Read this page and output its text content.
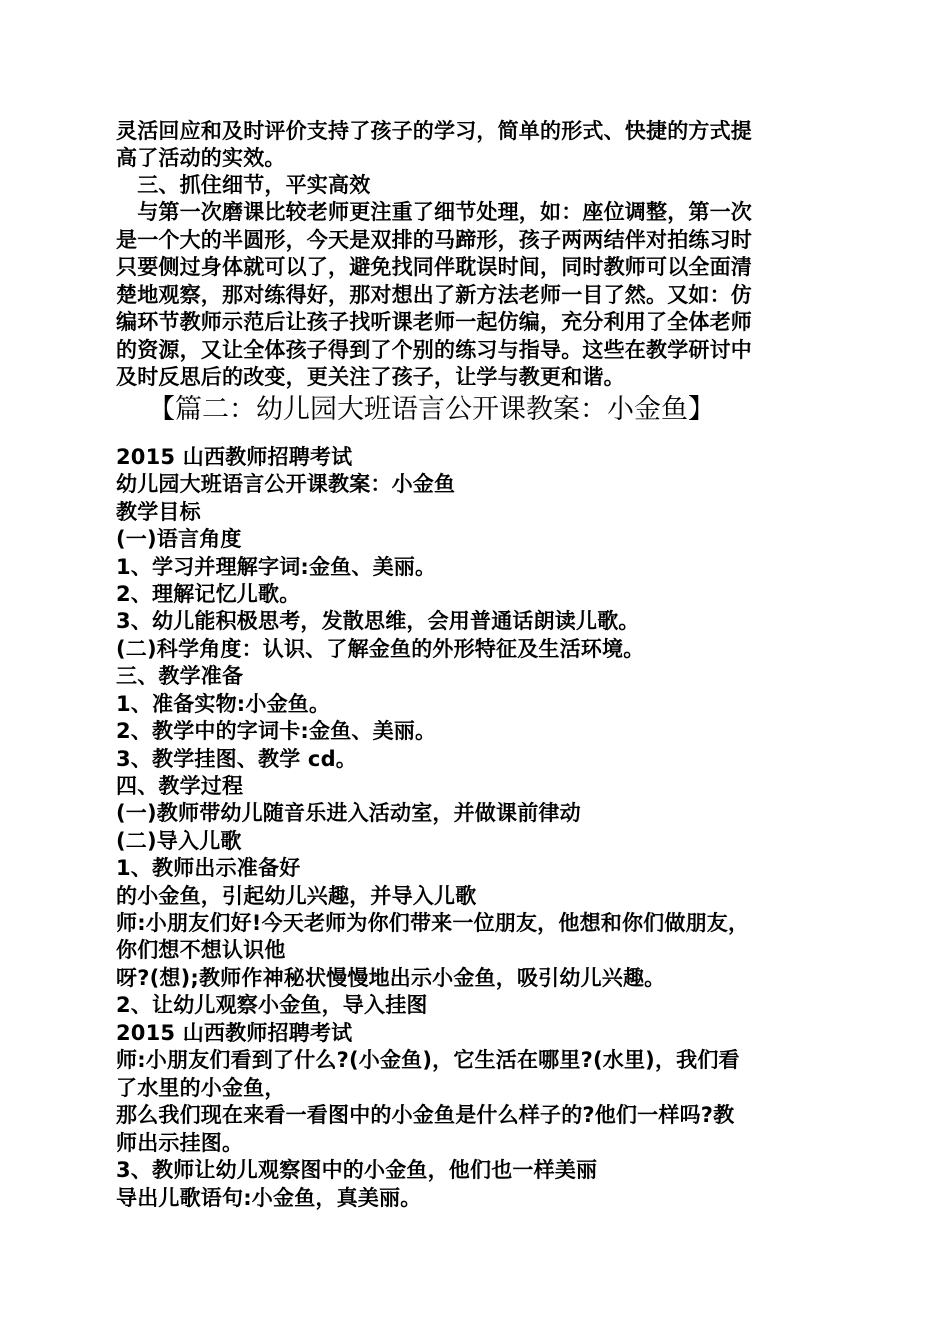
灵活回应和及时评价支持了孩子的学习，简单的形式、快捷的方式提
高了活动的实效。
　三、抓住细节，平实高效
　与第一次磨课比较老师更注重了细节处理，如：座位调整，第一次
是一个大的半圆形，今天是双排的马蹄形，孩子两两结伴对拍练习时
只要侧过身体就可以了，避免找同伴耽误时间，同时教师可以全面清
楚地观察，那对练得好，那对想出了新方法老师一目了然。又如：仿
编环节教师示范后让孩子找听课老师一起仿编，充分利用了全体老师
的资源，又让全体孩子得到了个别的练习与指导。这些在教学研讨中
及时反思后的改变，更关注了孩子，让学与教更和谐。
【篇二：幼儿园大班语言公开课教案：小金鱼】
2015 山西教师招聘考试
幼儿园大班语言公开课教案：小金鱼
教学目标
(一)语言角度
1、学习并理解字词:金鱼、美丽。
2、理解记忆儿歌。
3、幼儿能积极思考，发散思维，会用普通话朗读儿歌。
(二)科学角度：认识、了解金鱼的外形特征及生活环境。
三、教学准备
1、准备实物:小金鱼。
2、教学中的字词卡:金鱼、美丽。
3、教学挂图、教学 cd。
四、教学过程
(一)教师带幼儿随音乐进入活动室，并做课前律动
(二)导入儿歌
1、教师出示准备好
的小金鱼，引起幼儿兴趣，并导入儿歌
师:小朋友们好!今天老师为你们带来一位朋友，他想和你们做朋友，
你们想不想认识他
呀?(想);教师作神秘状慢慢地出示小金鱼，吸引幼儿兴趣。
2、让幼儿观察小金鱼，导入挂图
2015 山西教师招聘考试
师:小朋友们看到了什么?(小金鱼)，它生活在哪里?(水里)，我们看
了水里的小金鱼，
那么我们现在来看一看图中的小金鱼是什么样子的?他们一样吗?教
师出示挂图。
3、教师让幼儿观察图中的小金鱼，他们也一样美丽
导出儿歌语句:小金鱼，真美丽。
